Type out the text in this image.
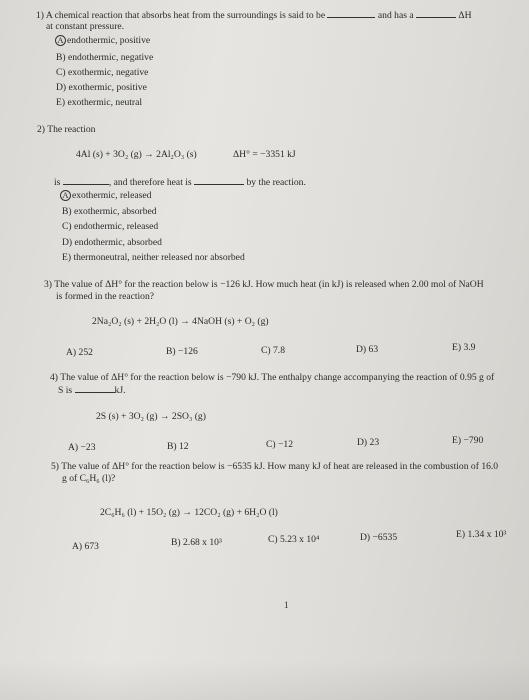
1) A chemical reaction that absorbs heat from the surroundings is said to be	and has a	ΔH
at constant pressure.
A endothermic, positive
B) endothermic, negative
C) exothermic, negative
D) exothermic, positive
E) exothermic, neutral
2) The reaction
4Al (s) + 3O₂ (g) → 2Al₂O₃ (s)	ΔH° = −3351 kJ
is	, and therefore heat is	by the reaction.
A exothermic, released
B) exothermic, absorbed
C) endothermic, released
D) endothermic, absorbed
E) thermoneutral, neither released nor absorbed
3) The value of ΔH° for the reaction below is −126 kJ. How much heat (in kJ) is released when 2.00 mol of NaOH
is formed in the reaction?
2Na₂O₂ (s) + 2H₂O (l) → 4NaOH (s) + O₂ (g)
A) 252	B) −126	C) 7.8	D) 63	E) 3.9
4) The value of ΔH° for the reaction below is −790 kJ. The enthalpy change accompanying the reaction of 0.95 g of
S is	kJ.
2S (s) + 3O₂ (g) → 2SO₃ (g)
A) −23	B) 12	C) −12	D) 23	E) −790
5) The value of ΔH° for the reaction below is −6535 kJ. How many kJ of heat are released in the combustion of 16.0
g of C₆H₆ (l)?
2C₆H₆ (l) + 15O₂ (g) → 12CO₂ (g) + 6H₂O (l)
A) 673	B) 2.68 x 10³	C) 5.23 x 10⁴	D) −6535	E) 1.34 x 10³
1
